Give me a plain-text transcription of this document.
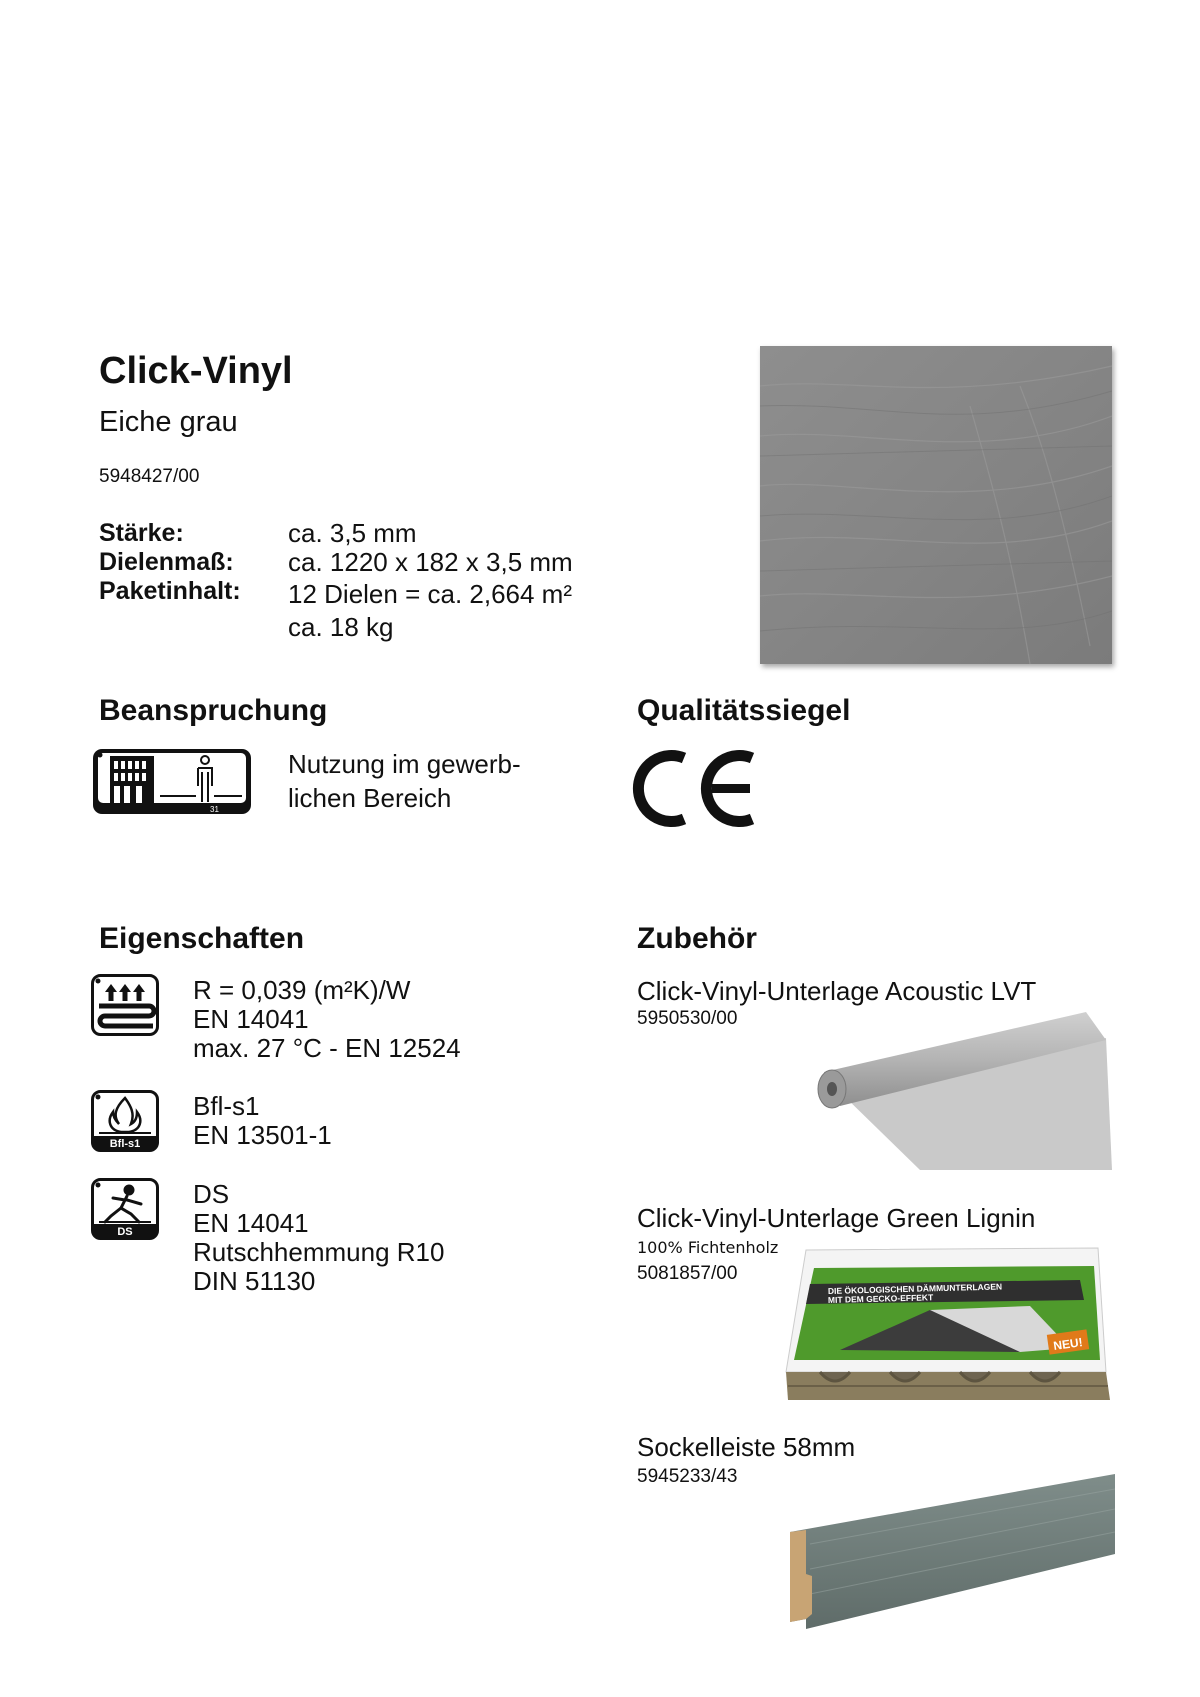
Click-Vinyl
Eiche grau
5948427/00
Stärke:
Dielenmaß:
Paketinhalt:
ca. 3,5 mm
ca. 1220 x 182 x 3,5 mm
12 Dielen = ca. 2,664 m²
ca. 18 kg
Beanspruchung
31
Nutzung im gewerb-
lichen Bereich
Qualitätssiegel
Eigenschaften
R = 0,039 (m²K)/W
EN 14041
max. 27 °C - EN 12524
Bfl-s1
Bfl-s1
EN 13501-1
DS
DS
EN 14041
Rutschhemmung R10
DIN 51130
Zubehör
Click-Vinyl-Unterlage Acoustic LVT
5950530/00
Click-Vinyl-Unterlage Green Lignin
100% Fichtenholz
5081857/00
DIE ÖKOLOGISCHEN DÄMMUNTERLAGEN
MIT DEM GECKO-EFFEKT
NEU!
Sockelleiste 58mm
5945233/43
